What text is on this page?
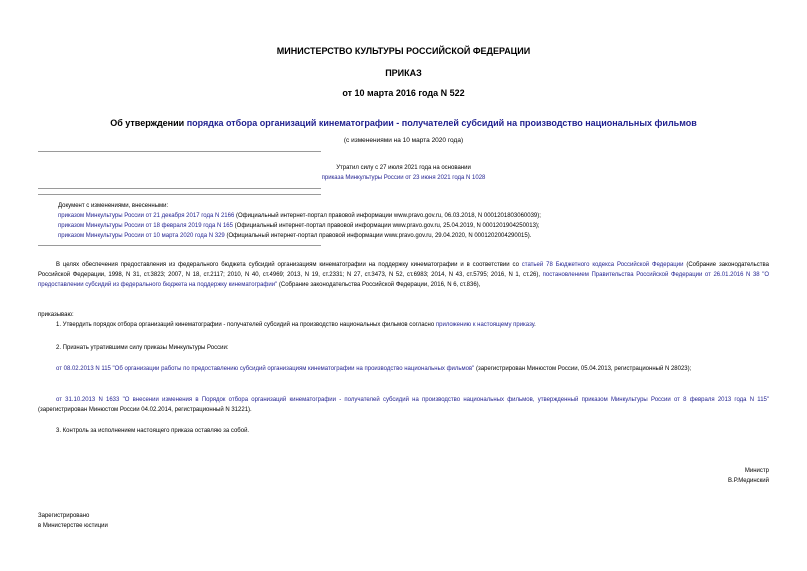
МИНИСТЕРСТВО КУЛЬТУРЫ РОССИЙСКОЙ ФЕДЕРАЦИИ
ПРИКАЗ
от 10 марта 2016 года N 522
Об утверждении порядка отбора организаций кинематографии - получателей субсидий на производство национальных фильмов
(с изменениями на 10 марта 2020 года)
Утратил силу с 27 июля 2021 года на основании
приказа Минкультуры России от 23 июня 2021 года N 1028
Документ с изменениями, внесенными:
приказом Минкультуры России от 21 декабря 2017 года N 2166 (Официальный интернет-портал правовой информации www.pravo.gov.ru, 06.03.2018, N 0001201803060039);
приказом Минкультуры России от 18 февраля 2019 года N 165 (Официальный интернет-портал правовой информации www.pravo.gov.ru, 25.04.2019, N 0001201904250013);
приказом Минкультуры России от 10 марта 2020 года N 329 (Официальный интернет-портал правовой информации www.pravo.gov.ru, 29.04.2020, N 0001202004290015).
В целях обеспечения предоставления из федерального бюджета субсидий организациям кинематографии на поддержку кинематографии и в соответствии со статьей 78 Бюджетного кодекса Российской Федерации (Собрание законодательства Российской Федерации, 1998, N 31, ст.3823; 2007, N 18, ст.2117; 2010, N 40, ст.4969; 2013, N 19, ст.2331; N 27, ст.3473, N 52, ст.6983; 2014, N 43, ст.5795; 2016, N 1, ст.26), постановлением Правительства Российской Федерации от 26.01.2016 N 38 "О предоставлении субсидий из федерального бюджета на поддержку кинематографии" (Собрание законодательства Российской Федерации, 2016, N 6, ст.836),
приказываю:
1. Утвердить порядок отбора организаций кинематографии - получателей субсидий на производство национальных фильмов согласно приложению к настоящему приказу.
2. Признать утратившими силу приказы Минкультуры России:
от 08.02.2013 N 115 "Об организации работы по предоставлению субсидий организациям кинематографии на производство национальных фильмов" (зарегистрирован Минюстом России, 05.04.2013, регистрационный N 28023);
от 31.10.2013 N 1633 "О внесении изменения в Порядок отбора организаций кинематографии - получателей субсидий на производство национальных фильмов, утвержденный приказом Минкультуры России от 8 февраля 2013 года N 115" (зарегистрирован Минюстом России 04.02.2014, регистрационный N 31221).
3. Контроль за исполнением настоящего приказа оставляю за собой.
Министр
В.Р.Мединский
Зарегистрировано
в Министерстве юстиции
